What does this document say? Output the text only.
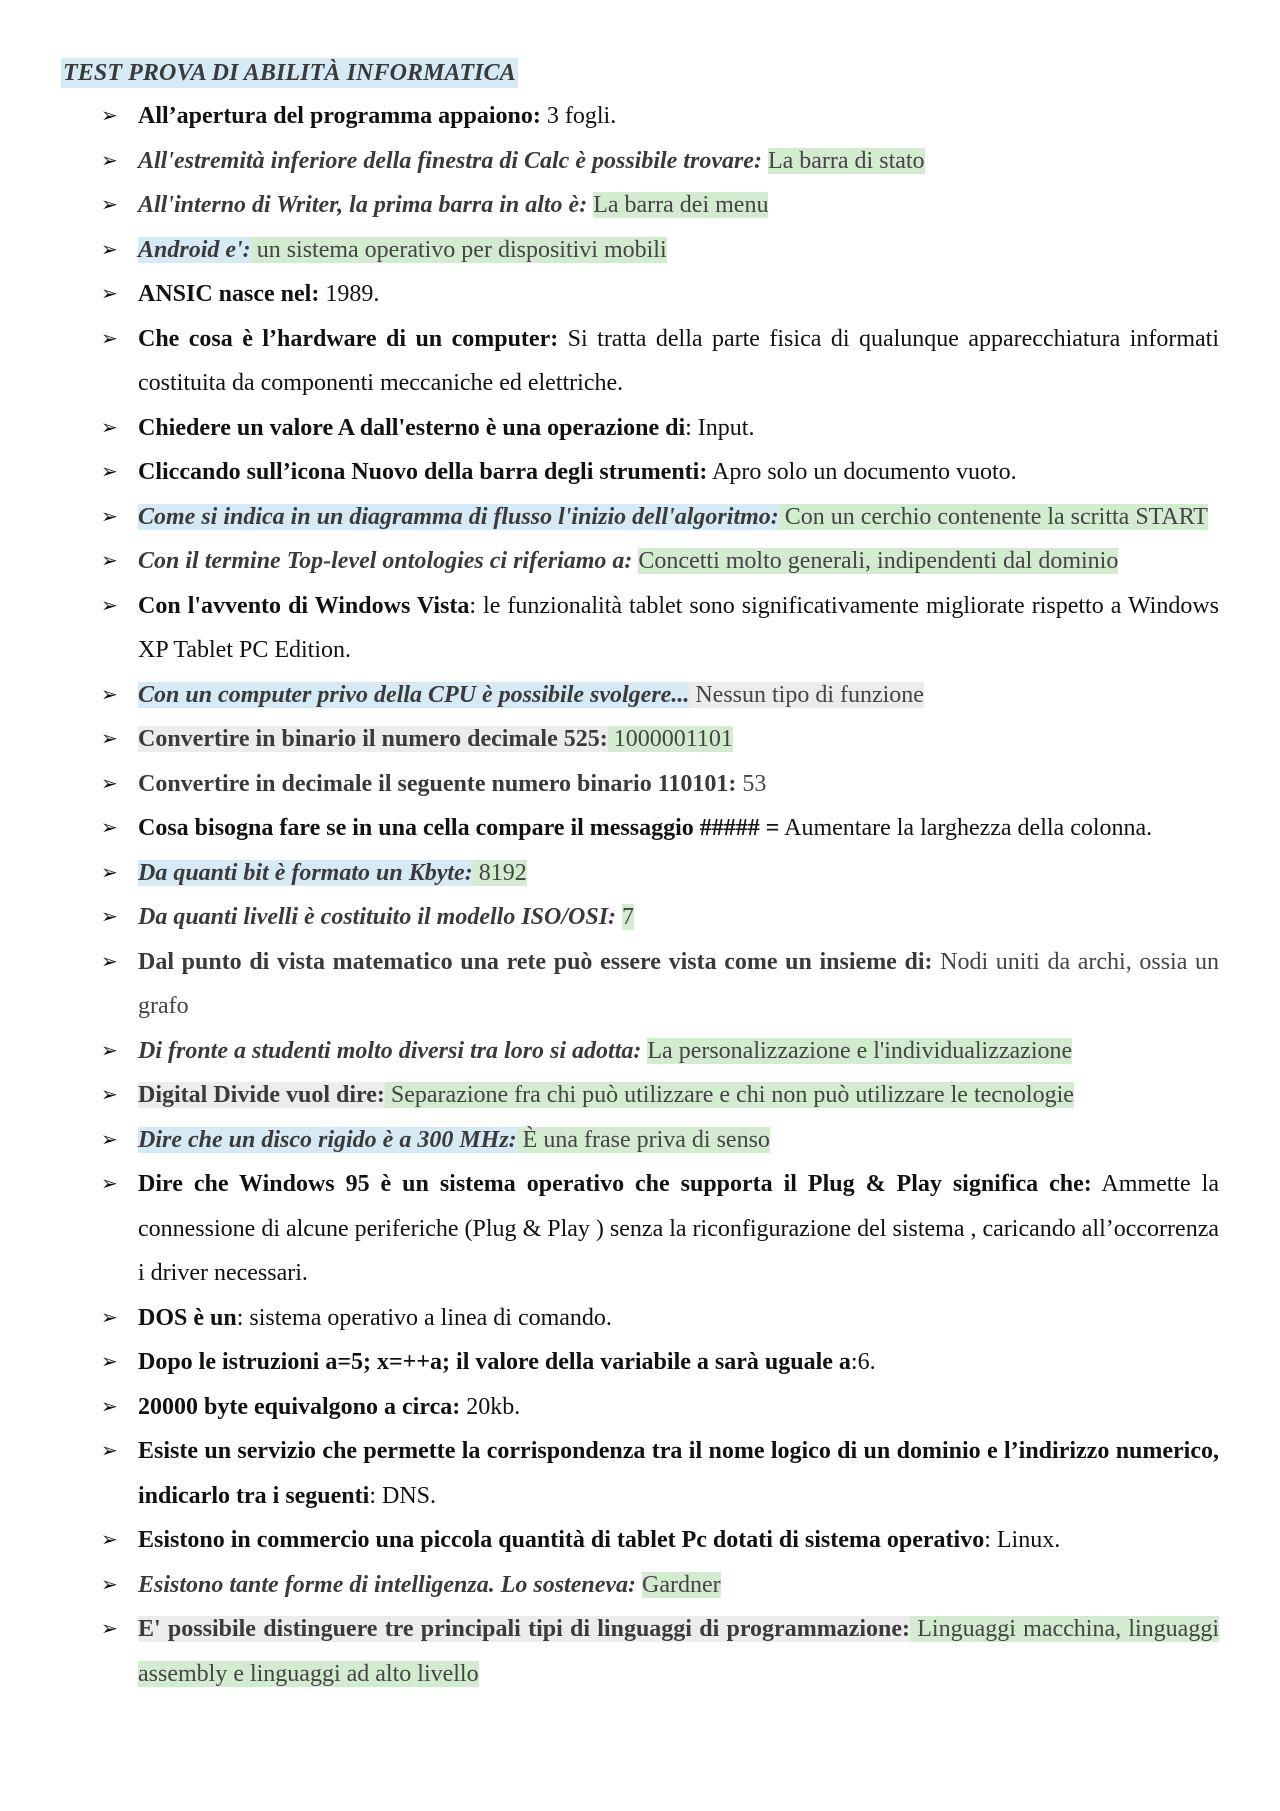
TEST PROVA DI ABILITÀ INFORMATICA
➢ All’apertura del programma appaiono: 3 fogli.
➢ All'estremità inferiore della finestra di Calc è possibile trovare: La barra di stato
➢ All'interno di Writer, la prima barra in alto è: La barra dei menu
➢ Android e': un sistema operativo per dispositivi mobili
➢ ANSIC nasce nel: 1989.
➢ Che cosa è l’hardware di un computer: Si tratta della parte fisica di qualunque apparecchiatura informati costituita da componenti meccaniche ed elettriche.
➢ Chiedere un valore A dall'esterno è una operazione di: Input.
➢ Cliccando sull’icona Nuovo della barra degli strumenti: Apro solo un documento vuoto.
➢ Come si indica in un diagramma di flusso l'inizio dell'algoritmo: Con un cerchio contenente la scritta START
➢ Con il termine Top-level ontologies ci riferiamo a: Concetti molto generali, indipendenti dal dominio
➢ Con l'avvento di Windows Vista: le funzionalità tablet sono significativamente migliorate rispetto a Windows XP Tablet PC Edition.
➢ Con un computer privo della CPU è possibile svolgere... Nessun tipo di funzione
➢ Convertire in binario il numero decimale 525: 1000001101
➢ Convertire in decimale il seguente numero binario 110101: 53
➢ Cosa bisogna fare se in una cella compare il messaggio ##### = Aumentare la larghezza della colonna.
➢ Da quanti bit è formato un Kbyte: 8192
➢ Da quanti livelli è costituito il modello ISO/OSI: 7
➢ Dal punto di vista matematico una rete può essere vista come un insieme di: Nodi uniti da archi, ossia un grafo
➢ Di fronte a studenti molto diversi tra loro si adotta: La personalizzazione e l'individualizzazione
➢ Digital Divide vuol dire: Separazione fra chi può utilizzare e chi non può utilizzare le tecnologie
➢ Dire che un disco rigido è a 300 MHz: È una frase priva di senso
➢ Dire che Windows 95 è un sistema operativo che supporta il Plug & Play significa che: Ammette la connessione di alcune periferiche (Plug & Play ) senza la riconfigurazione del sistema , caricando all’occorrenza i driver necessari.
➢ DOS è un: sistema operativo a linea di comando.
➢ Dopo le istruzioni a=5; x=++a; il valore della variabile a sarà uguale a:6.
➢ 20000 byte equivalgono a circa: 20kb.
➢ Esiste un servizio che permette la corrispondenza tra il nome logico di un dominio e l’indirizzo numerico, indicarlo tra i seguenti: DNS.
➢ Esistono in commercio una piccola quantità di tablet Pc dotati di sistema operativo: Linux.
➢ Esistono tante forme di intelligenza. Lo sosteneva: Gardner
➢ E' possibile distinguere tre principali tipi di linguaggi di programmazione: Linguaggi macchina, linguaggi assembly e linguaggi ad alto livello
